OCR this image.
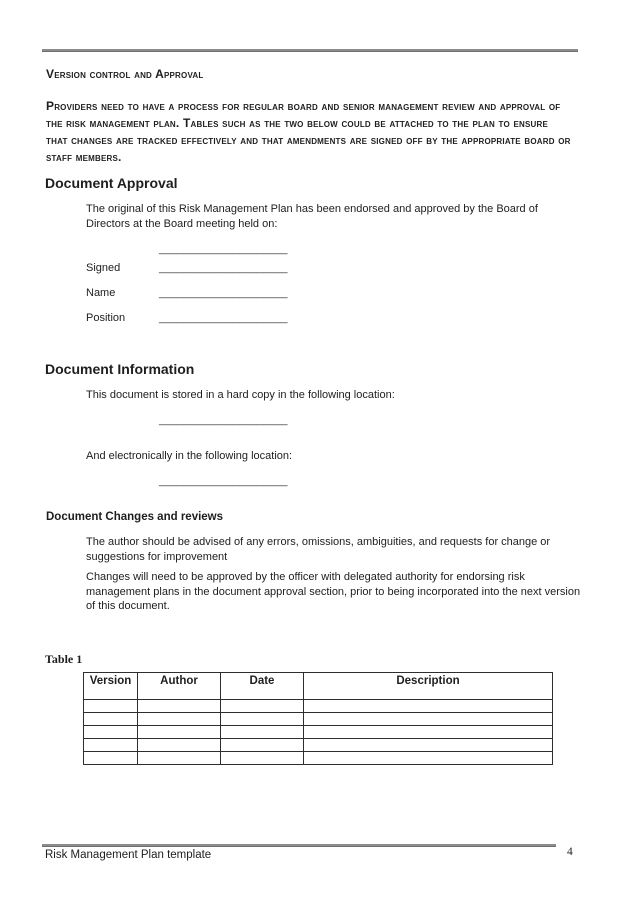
Version control and Approval
Providers need to have a process for regular board and senior management review and approval of the risk management plan. Tables such as the two below could be attached to the plan to ensure that changes are tracked effectively and that amendments are signed off by the appropriate board or staff members.
Document Approval
The original of this Risk Management Plan has been endorsed and approved by the Board of Directors at the Board meeting held on:
_____________________
Signed	_____________________
Name	_____________________
Position	_____________________
Document Information
This document is stored in a hard copy in the following location:
_____________________
And electronically in the following location:
_____________________
Document Changes and reviews
The author should be advised of any errors, omissions, ambiguities, and requests for change or suggestions for improvement
Changes will need to be approved by the officer with delegated authority for endorsing risk management plans in the document approval section, prior to being incorporated into the next version of this document.
Table 1
Version	Author	Date	Description

Risk Management Plan template	4
